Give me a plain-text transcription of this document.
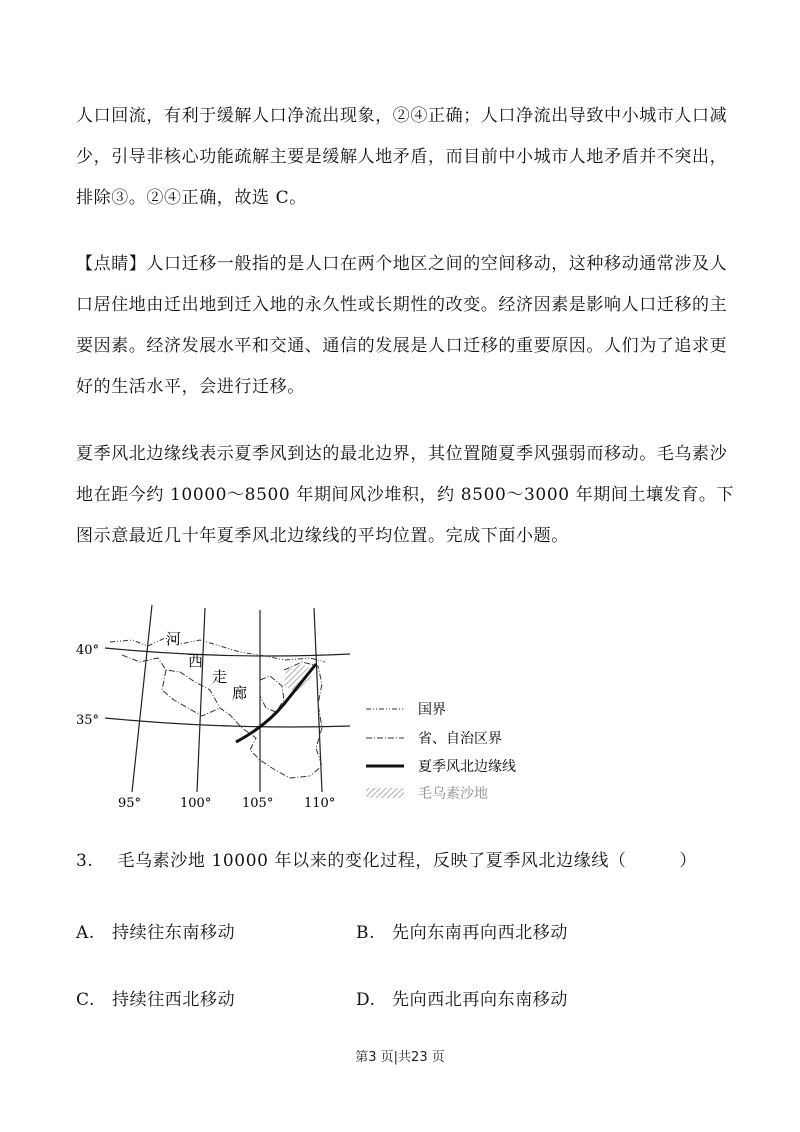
人口回流，有利于缓解人口净流出现象，②④正确；人口净流出导致中小城市人口减少，引导非核心功能疏解主要是缓解人地矛盾，而目前中小城市人地矛盾并不突出，排除③。②④正确，故选 C。

【点睛】人口迁移一般指的是人口在两个地区之间的空间移动，这种移动通常涉及人口居住地由迁出地到迁入地的永久性或长期性的改变。经济因素是影响人口迁移的主要因素。经济发展水平和交通、通信的发展是人口迁移的重要原因。人们为了追求更好的生活水平，会进行迁移。

夏季风北边缘线表示夏季风到达的最北边界，其位置随夏季风强弱而移动。毛乌素沙地在距今约 10000～8500 年期间风沙堆积，约 8500～3000 年期间土壤发育。下图示意最近几十年夏季风北边缘线的平均位置。完成下面小题。

河
西
走
廊
40°
35°
95°	100° 105° 110°
国界
省、自治区界
夏季风北边缘线
毛乌素沙地
3. 毛乌素沙地 10000 年以来的变化过程，反映了夏季风北边缘线（　　　）
A. 持续往东南移动	B. 先向东南再向西北移动
C. 持续往西北移动	D. 先向西北再向东南移动
第3 页|共23 页
